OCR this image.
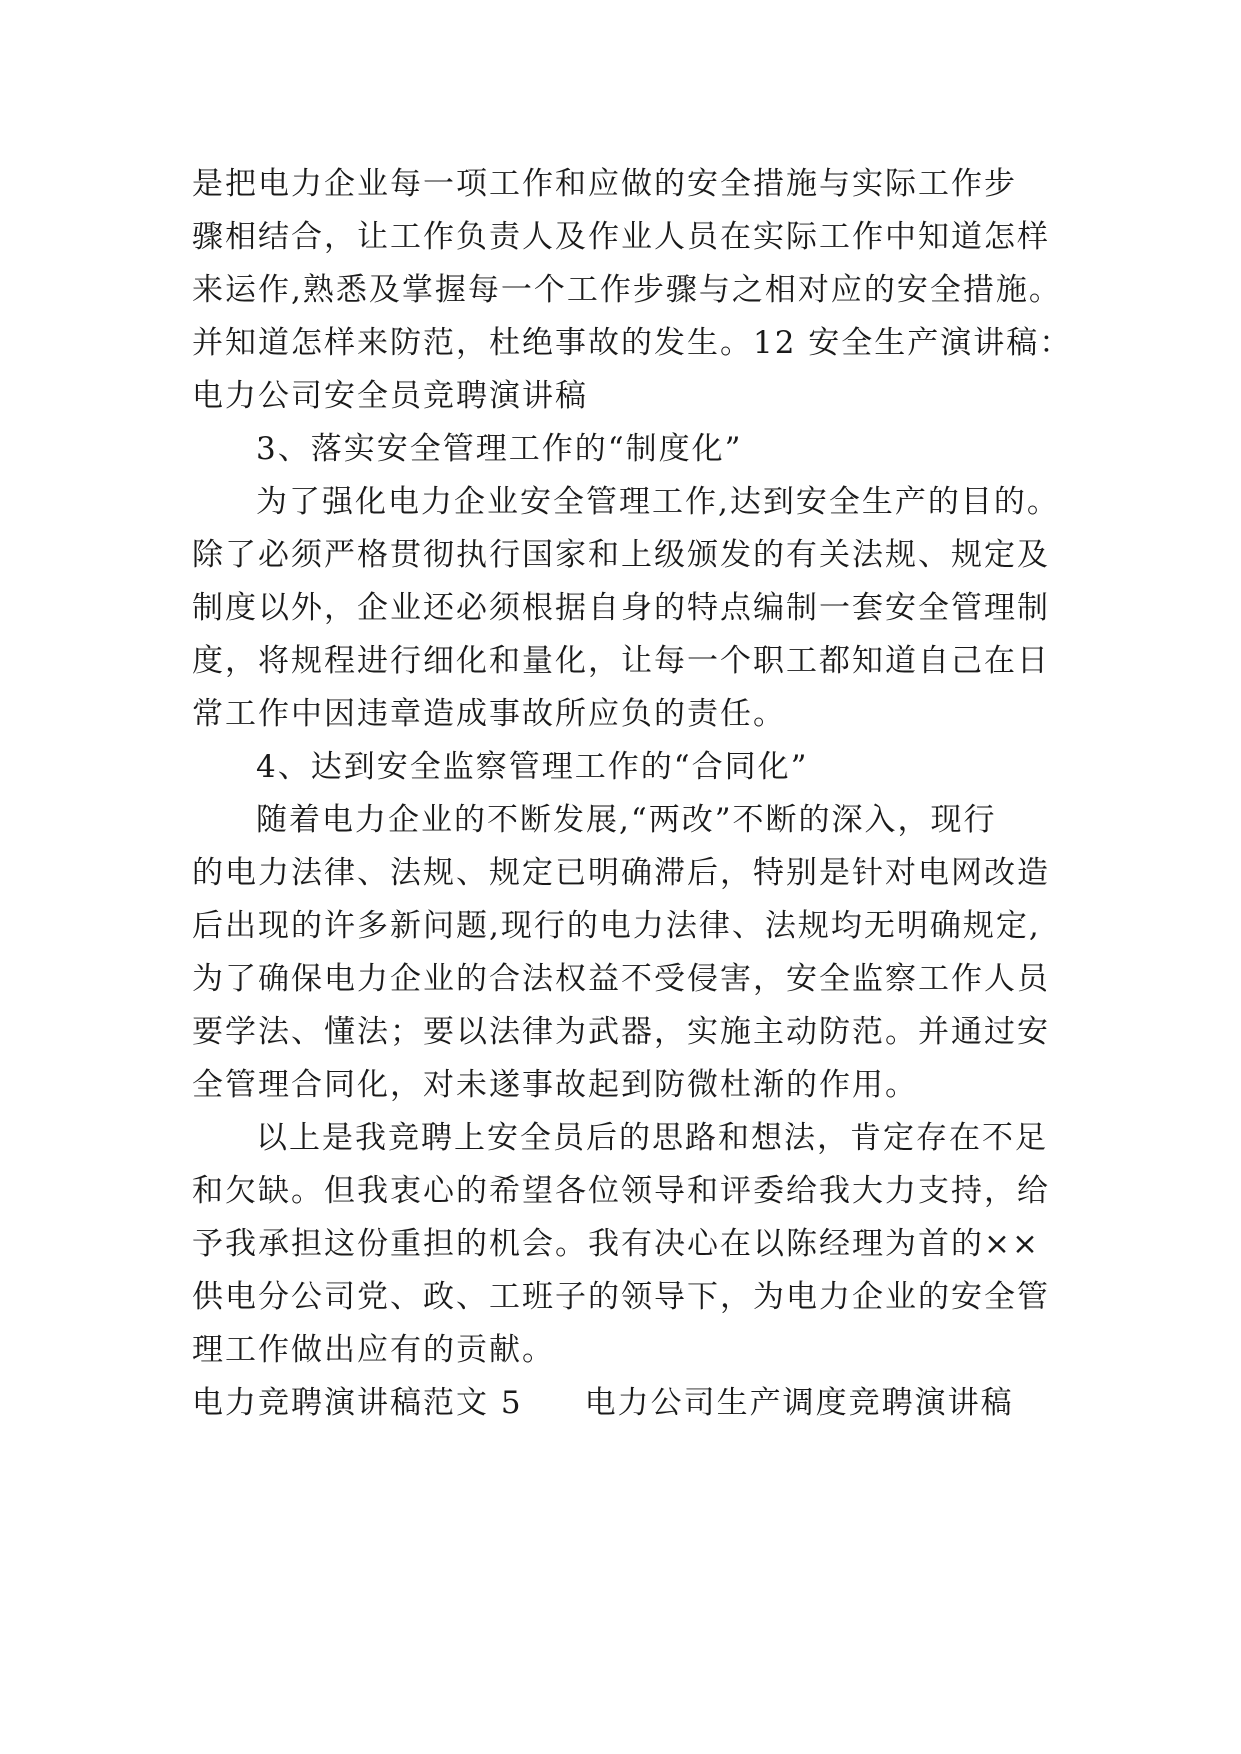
是把电力企业每一项工作和应做的安全措施与实际工作步
骤相结合，让工作负责人及作业人员在实际工作中知道怎样
来运作,熟悉及掌握每一个工作步骤与之相对应的安全措施。
并知道怎样来防范，杜绝事故的发生。12 安全生产演讲稿：
电力公司安全员竞聘演讲稿
3、落实安全管理工作的“制度化”
为了强化电力企业安全管理工作,达到安全生产的目的。
除了必须严格贯彻执行国家和上级颁发的有关法规、规定及
制度以外，企业还必须根据自身的特点编制一套安全管理制
度，将规程进行细化和量化，让每一个职工都知道自己在日
常工作中因违章造成事故所应负的责任。
4、达到安全监察管理工作的“合同化”
随着电力企业的不断发展,“两改”不断的深入，现行
的电力法律、法规、规定已明确滞后，特别是针对电网改造
后出现的许多新问题,现行的电力法律、法规均无明确规定,
为了确保电力企业的合法权益不受侵害，安全监察工作人员
要学法、懂法；要以法律为武器，实施主动防范。并通过安
全管理合同化，对未遂事故起到防微杜渐的作用。
以上是我竞聘上安全员后的思路和想法，肯定存在不足
和欠缺。但我衷心的希望各位领导和评委给我大力支持，给
予我承担这份重担的机会。我有决心在以陈经理为首的××
供电分公司党、政、工班子的领导下，为电力企业的安全管
理工作做出应有的贡献。
电力竞聘演讲稿范文 5 电力公司生产调度竞聘演讲稿
